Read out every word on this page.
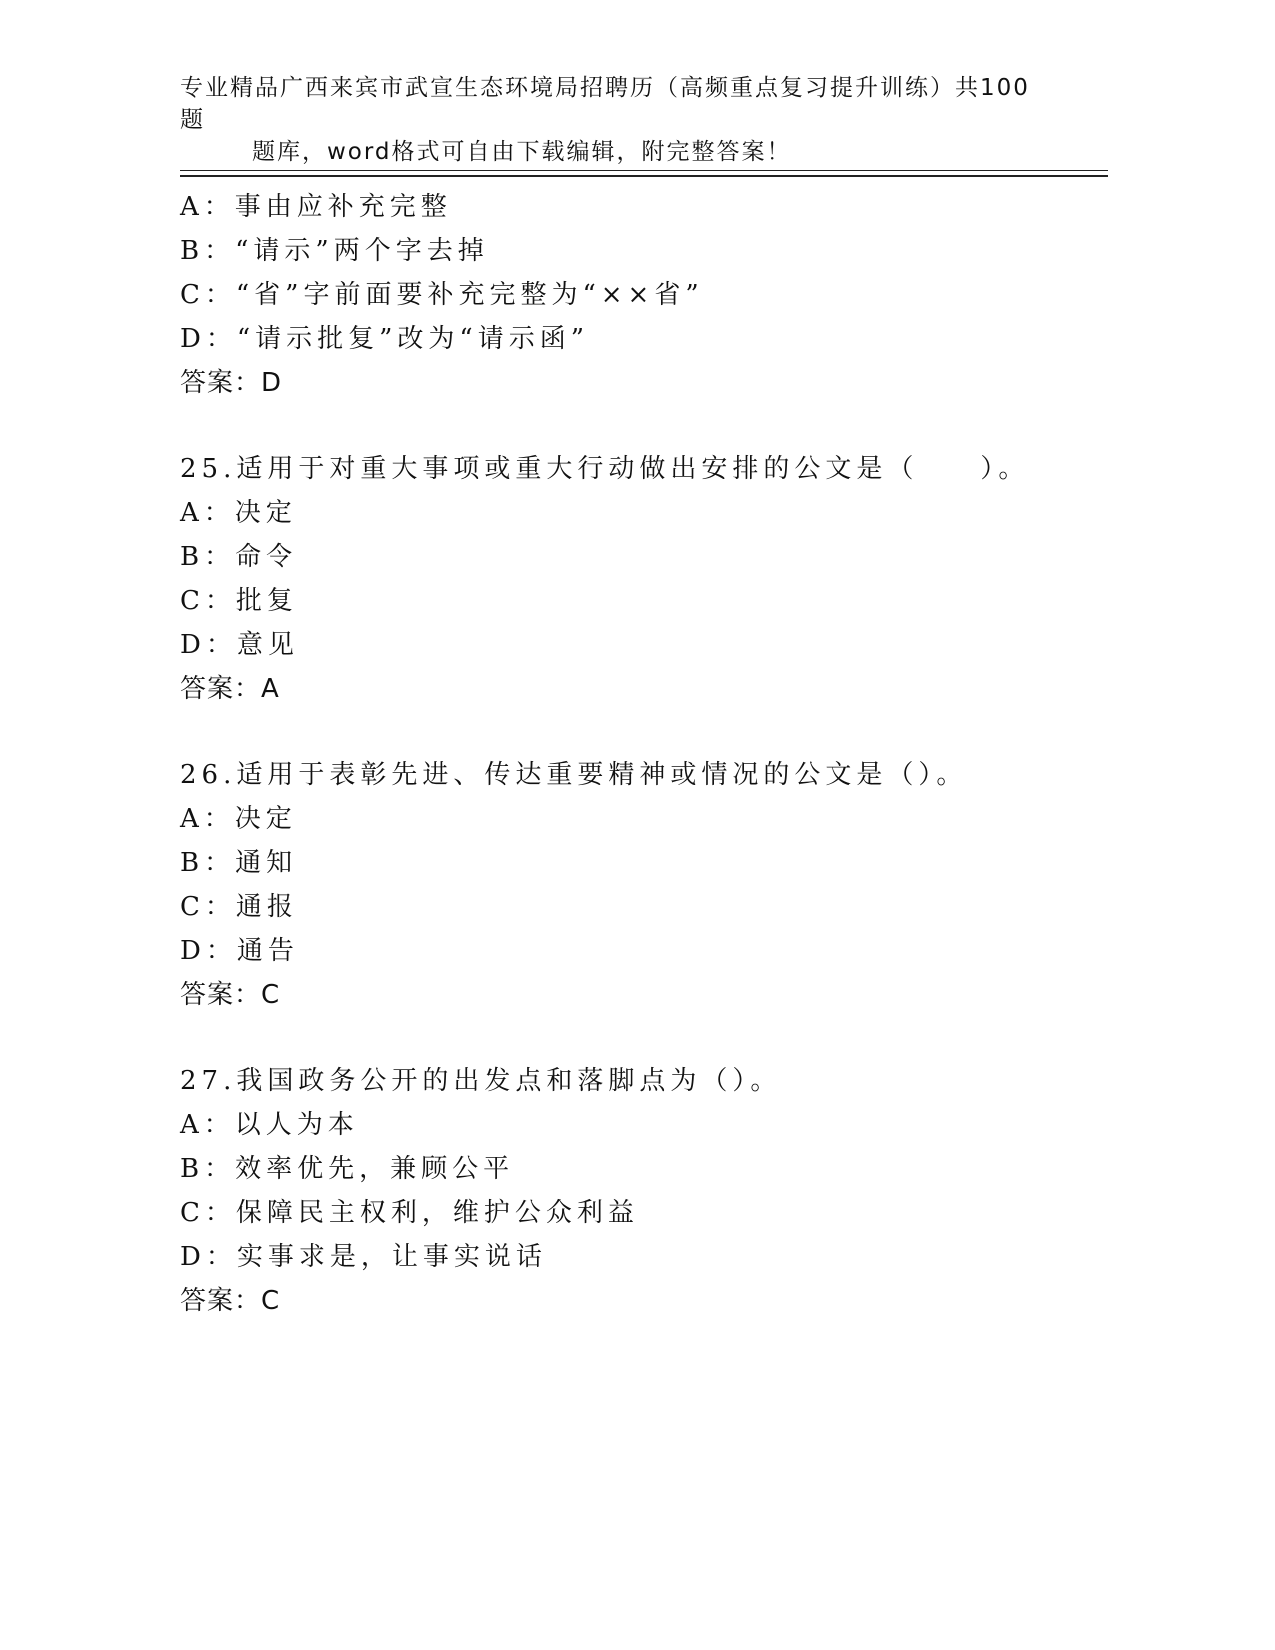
专业精品广西来宾市武宣生态环境局招聘历（高频重点复习提升训练）共100题
题库，word格式可自由下载编辑，附完整答案！
A：事由应补充完整
B：“请示”两个字去掉
C：“省”字前面要补充完整为“××省”
D：“请示批复”改为“请示函”
答案：D
25.适用于对重大事项或重大行动做出安排的公文是（　　）。
A：决定
B：命令
C：批复
D：意见
答案：A
26.适用于表彰先进、传达重要精神或情况的公文是（）。
A：决定
B：通知
C：通报
D：通告
答案：C
27.我国政务公开的出发点和落脚点为（）。
A：以人为本
B：效率优先，兼顾公平
C：保障民主权利，维护公众利益
D：实事求是，让事实说话
答案：C
